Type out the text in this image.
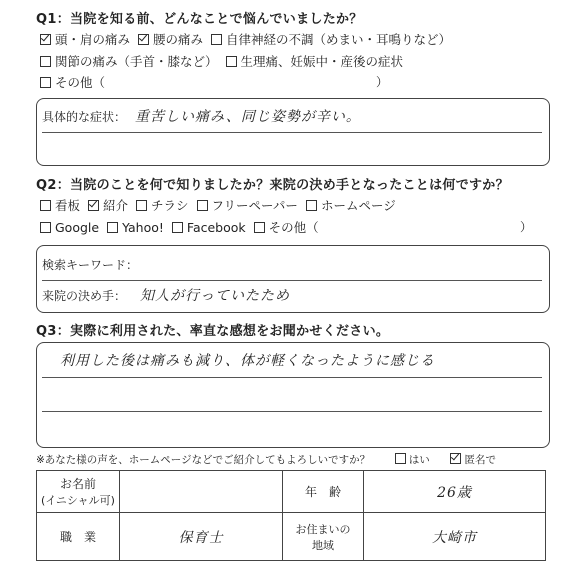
Q1：当院を知る前、どんなことで悩んでいましたか？
頭・肩の痛み 腰の痛み 自律神経の不調（めまい・耳鳴りなど）
関節の痛み（手首・膝など） 生理痛、妊娠中・産後の症状
その他（	）
具体的な症状： 重苦しい痛み、同じ姿勢が辛い。
Q2：当院のことを何で知りましたか？来院の決め手となったことは何ですか？
看板 紹介 チラシ フリーペーパー ホームページ
Google Yahoo! Facebook その他（	）
検索キーワード：
来院の決め手： 知人が行っていたため
Q3：実際に利用された、率直な感想をお聞かせください。
利用した後は痛みも減り、体が軽くなったように感じる
※あなた様の声を、ホームページなどでご紹介してもよろしいですか？	はい	匿名で
お名前
(イニシャル可)		年　齢	26歳
職　業	保育士	お住まいの
地域	大崎市
